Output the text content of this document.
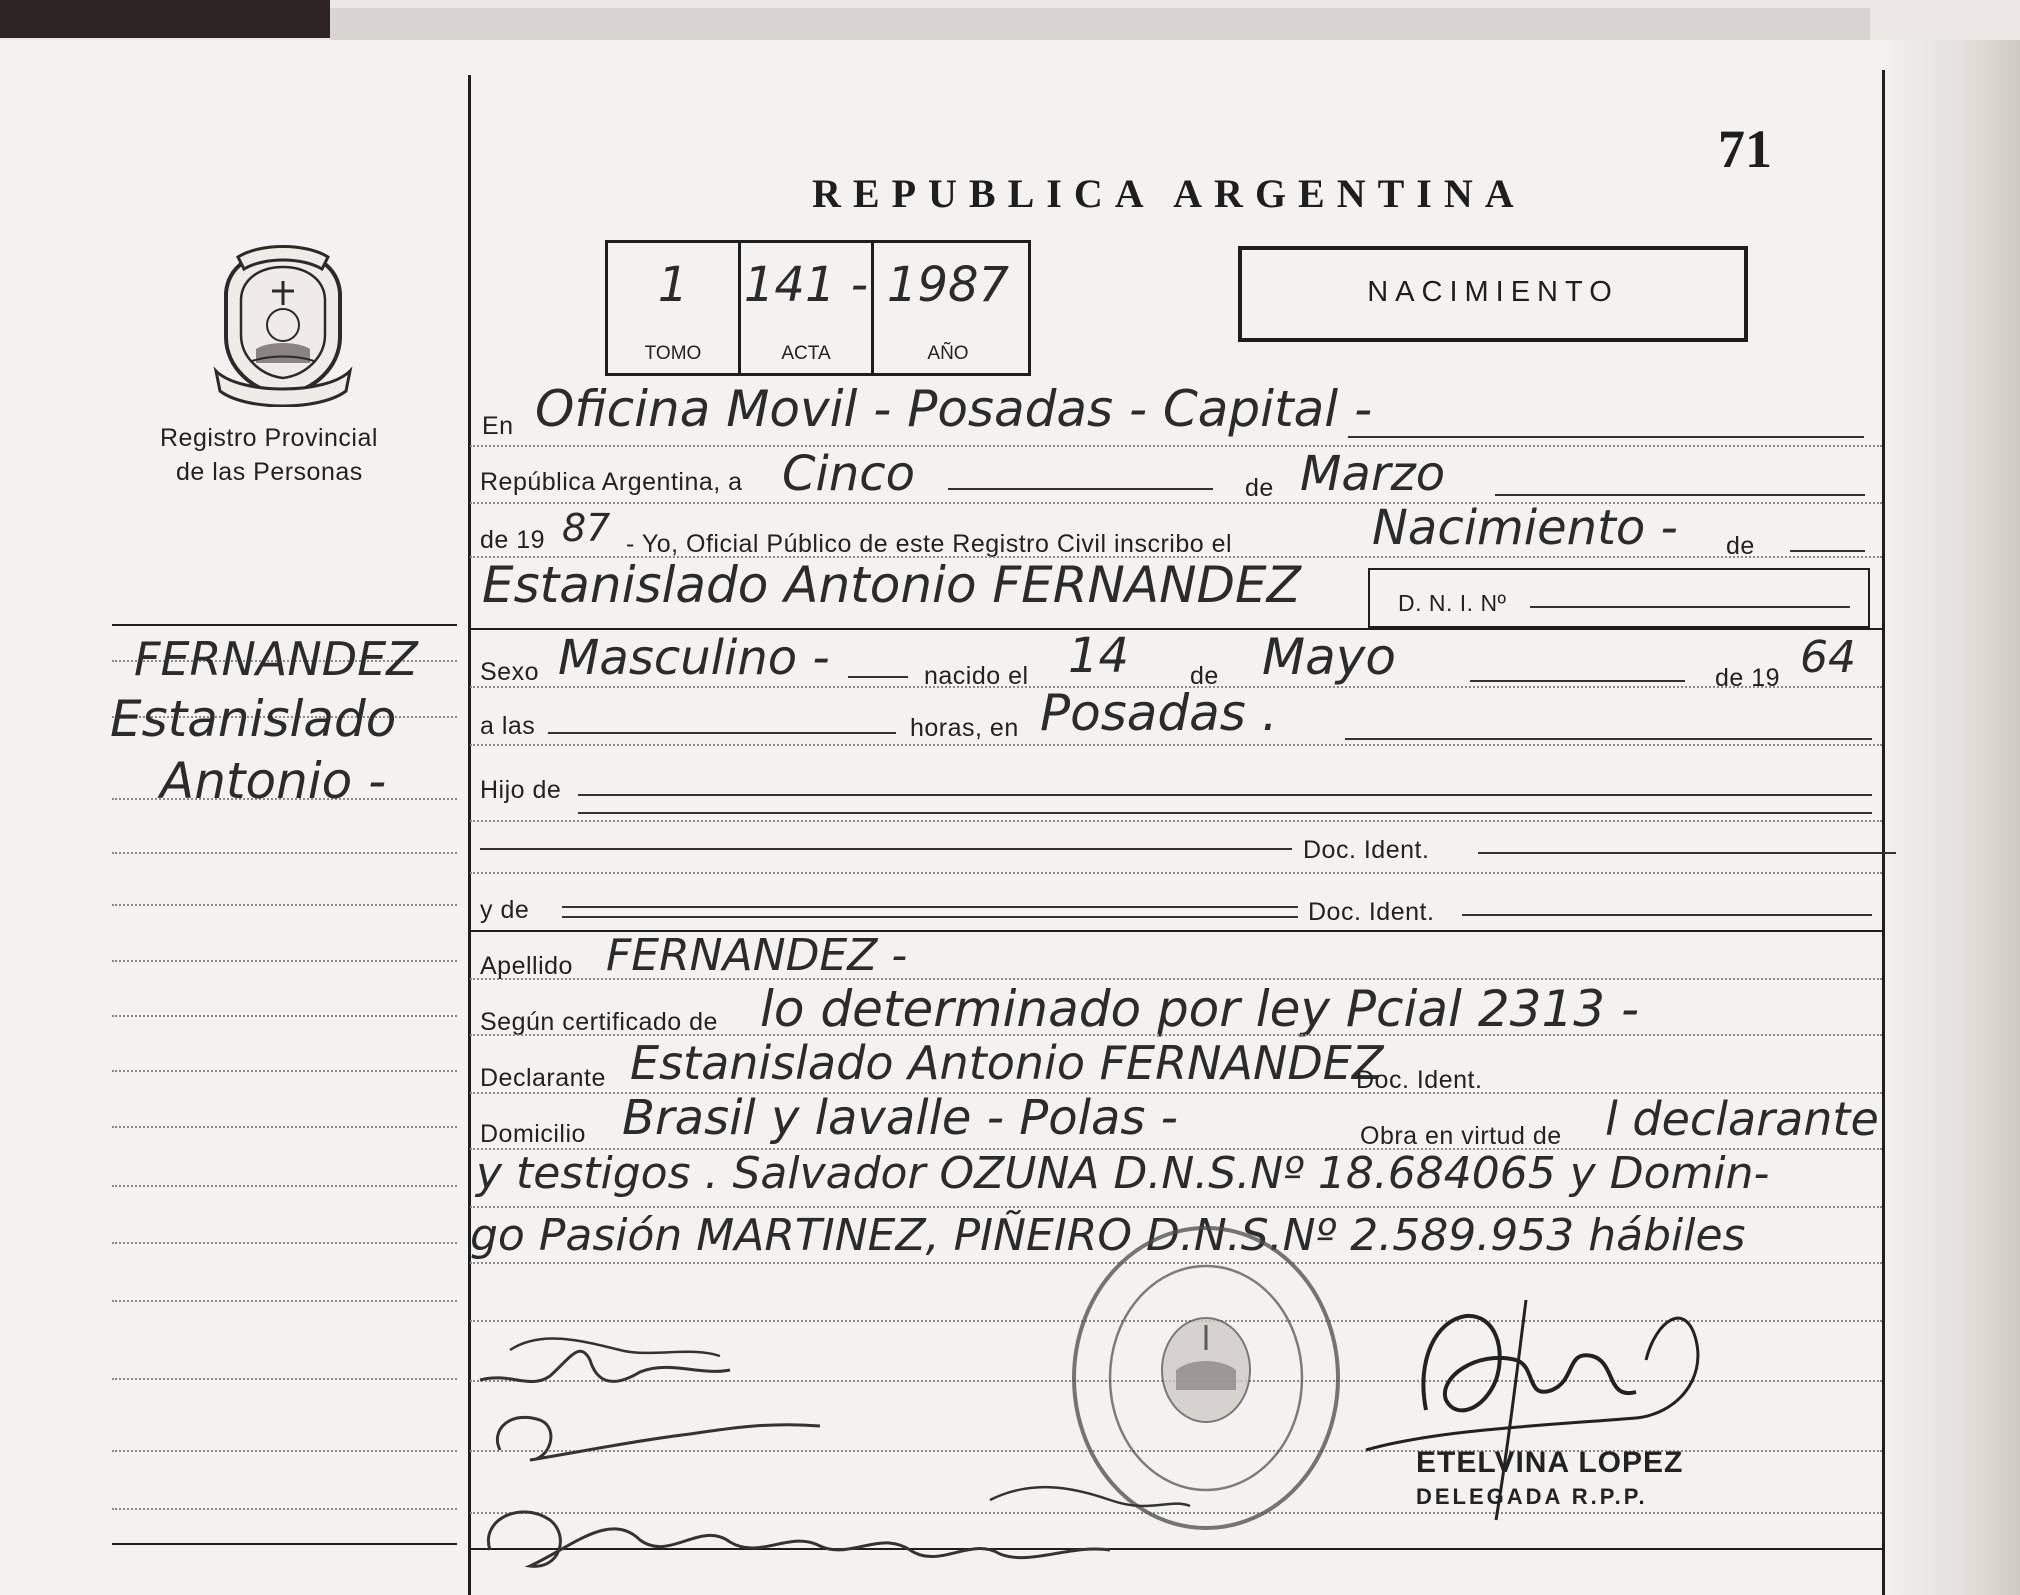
REPUBLICA ARGENTINA
71
1
TOMO
141 -
ACTA
1987
AÑO
NACIMIENTO
Registro Provincial
de las Personas
FERNANDEZ
Estanislado
Antonio -
En Oficina Movil - Posadas - Capital -
República Argentina, a Cinco	de Marzo
de 19 87 - Yo, Oficial Público de este Registro Civil inscribo el	Nacimiento - de
Estanislado Antonio FERNANDEZ	D. N. I. Nº
Sexo Masculino -	nacido el 14 de Mayo	de 19 64
a las	horas, en Posadas .
Hijo de
Doc. Ident.
y de	Doc. Ident.
Apellido FERNANDEZ -
Según certificado de lo determinado por ley Pcial 2313 -
Declarante Estanislado Antonio FERNANDEZ
Doc. Ident.
Domicilio Brasil y lavalle - Polas -	Obra en virtud de l declarante
y testigos . Salvador OZUNA D.N.S.Nº 18.684065 y Domin-
go Pasión MARTINEZ, PIÑEIRO D.N.S.Nº 2.589.953 hábiles
ETELVINA LOPEZ
DELEGADA R.P.P.
